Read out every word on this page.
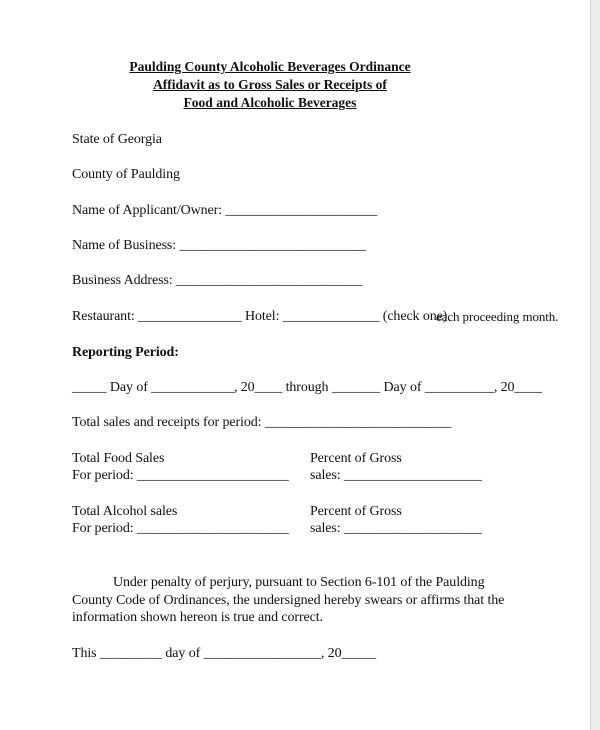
Paulding County Alcoholic Beverages Ordinance
Affidavit as to Gross Sales or Receipts of
Food and Alcoholic Beverages
State of Georgia
County of Paulding
Name of Applicant/Owner: ______________________
Name of Business: ___________________________
Business Address: ___________________________
Restaurant: _______________ Hotel: ______________ (check one)
each proceeding month.
Reporting Period:
_____ Day of ____________, 20____ through _______ Day of __________, 20____
Total sales and receipts for period: ___________________________
Total Food Sales
For period: ______________________
Percent of Gross
sales: ____________________
Total Alcohol sales
For period: ______________________
Percent of Gross
sales: ____________________
Under penalty of perjury, pursuant to Section 6-101 of the Paulding
County Code of Ordinances, the undersigned hereby swears or affirms that the
information shown hereon is true and correct.
This _________ day of _________________, 20_____
